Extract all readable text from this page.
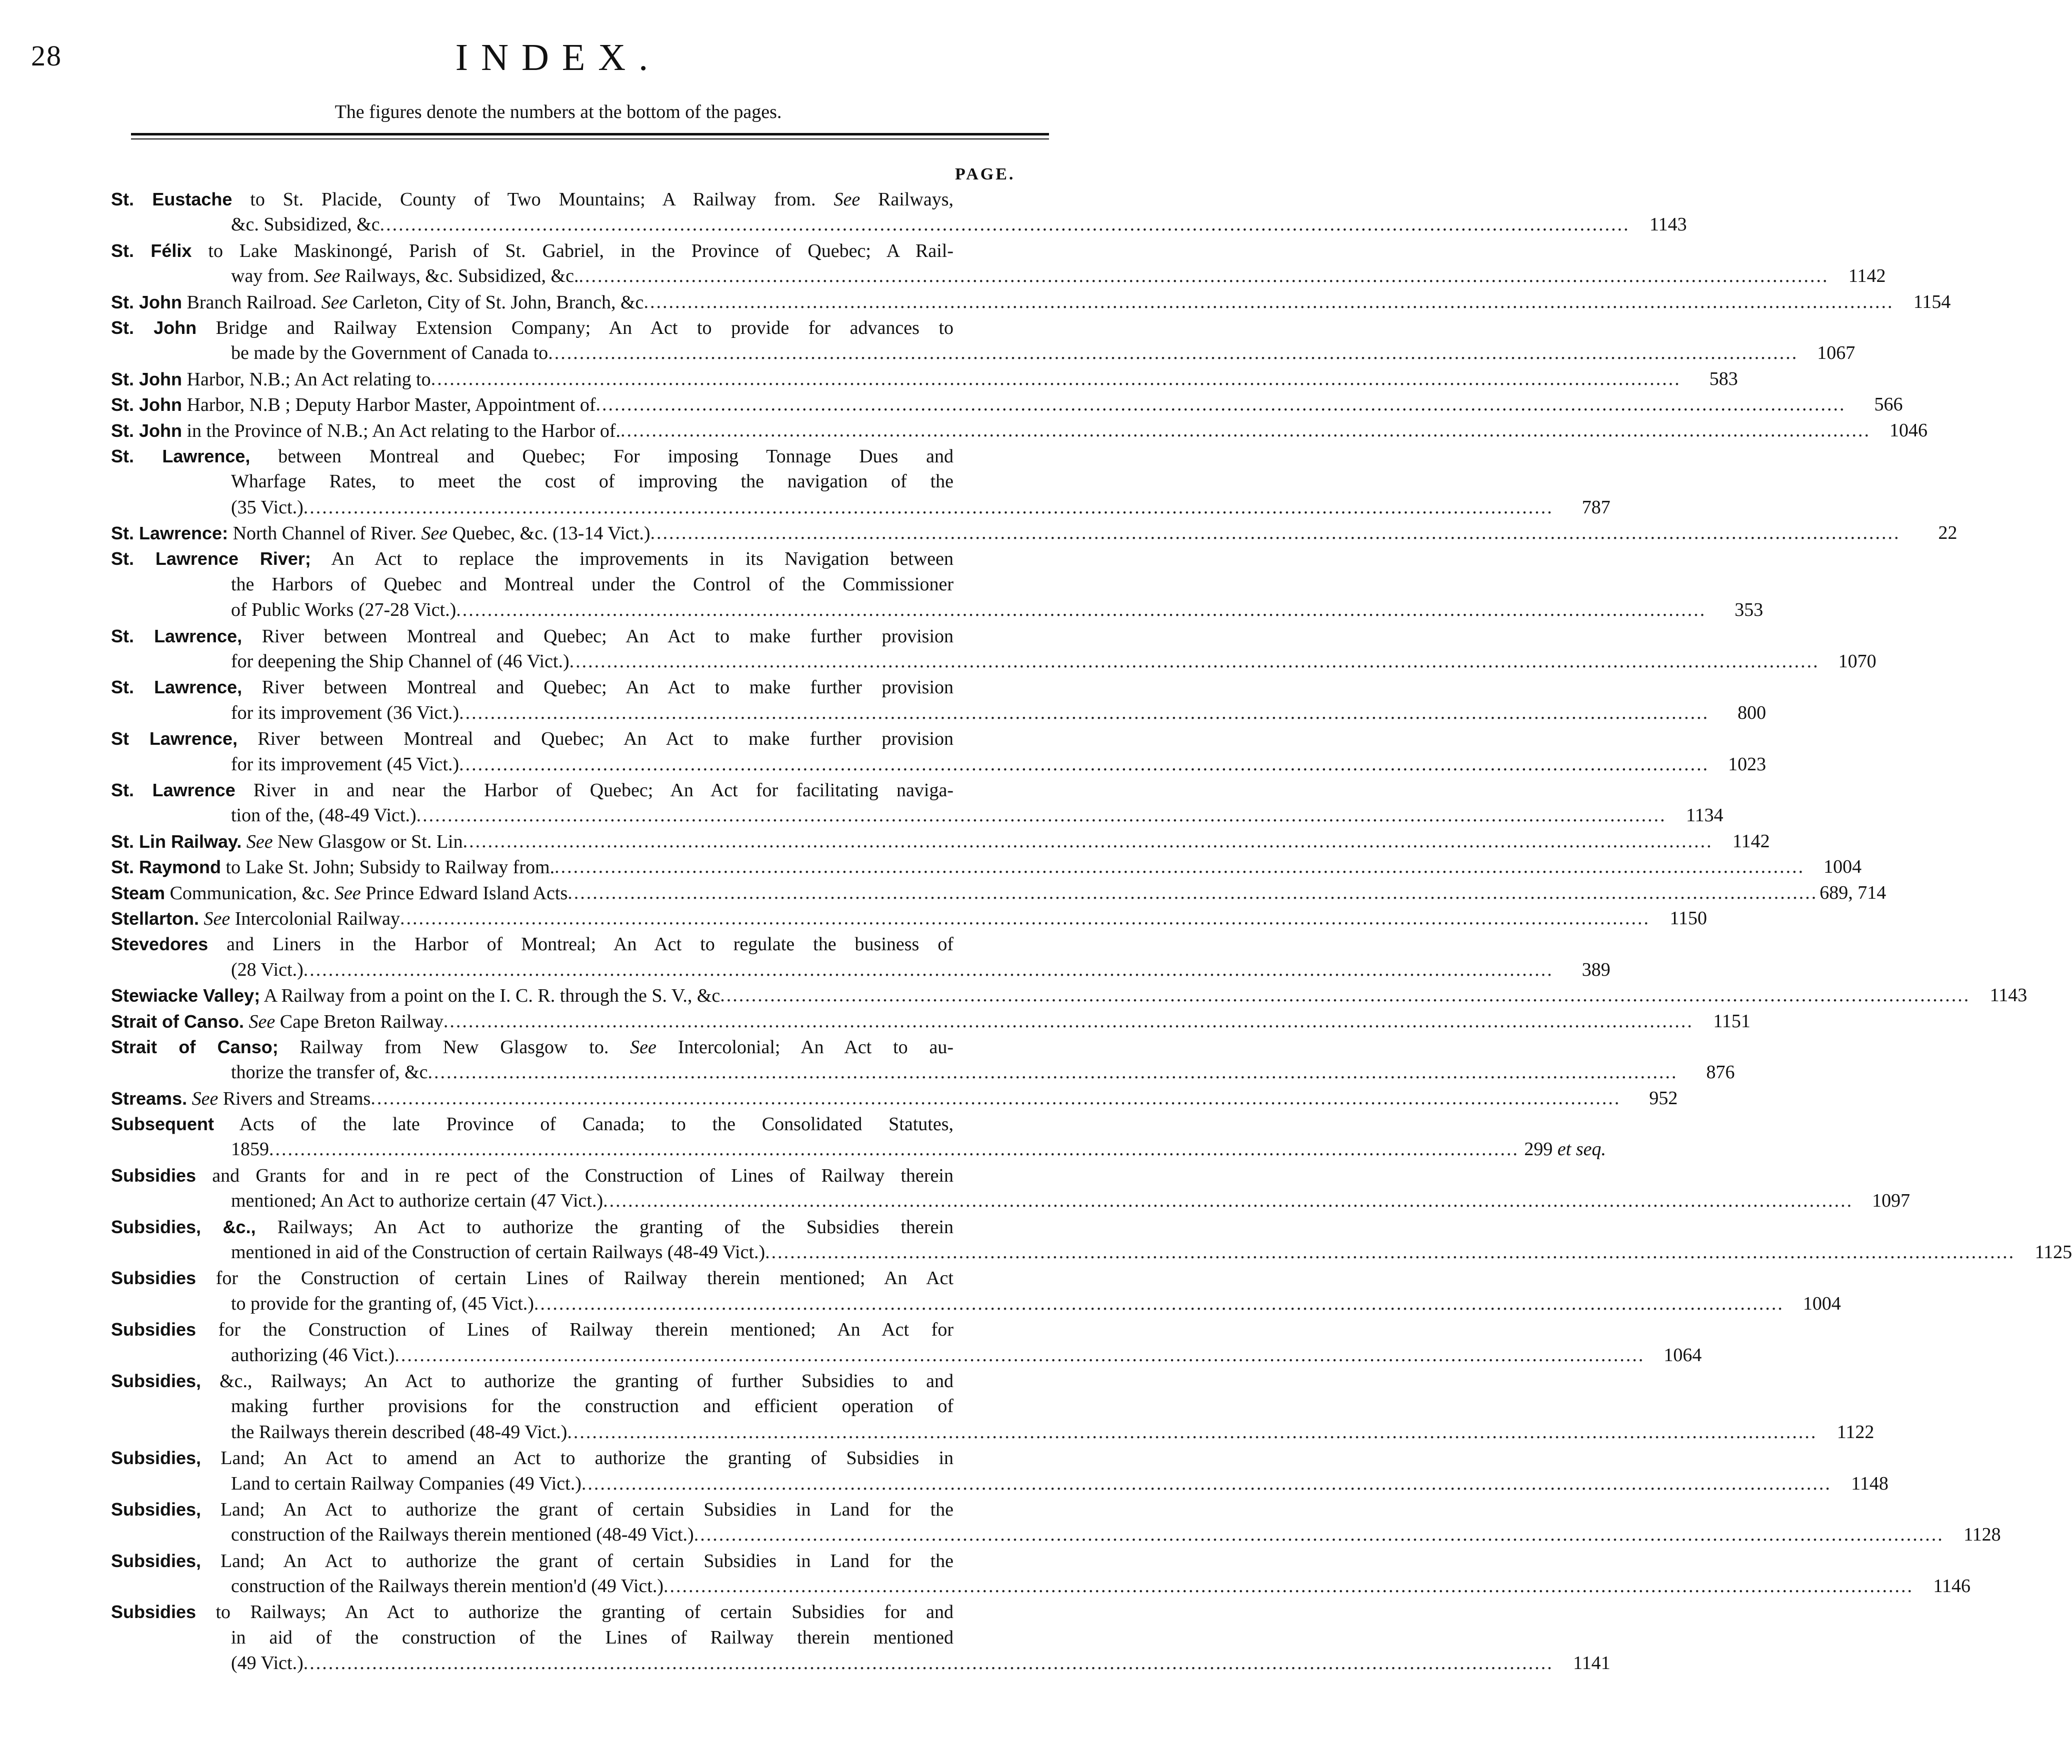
28	INDEX.
The figures denote the numbers at the bottom of the pages.
PAGE.
St. Eustache to St. Placide, County of Two Mountains; A Railway from. See Railways,
&c. Subsidized, &c .....	1143
St. Félix to Lake Maskinongé, Parish of St. Gabriel, in the Province of Quebec; A Rail-
way from. See Railways, &c. Subsidized, &c. .....	1142
St. John Branch Railroad. See Carleton, City of St. John, Branch, &c .....	1154
St. John Bridge and Railway Extension Company; An Act to provide for advances to
be made by the Government of Canada to .....	1067
St. John Harbor, N.B.; An Act relating to .....	583
St. John Harbor, N.B ; Deputy Harbor Master, Appointment of .....	566
St. John in the Province of N.B.; An Act relating to the Harbor of. .....	1046
St. Lawrence, between Montreal and Quebec; For imposing Tonnage Dues and
Wharfage Rates, to meet the cost of improving the navigation of the
(35 Vict.) .....	787
St. Lawrence: North Channel of River. See Quebec, &c. (13-14 Vict.) .....	22
St. Lawrence River; An Act to replace the improvements in its Navigation between
the Harbors of Quebec and Montreal under the Control of the Commissioner
of Public Works (27-28 Vict.) .....	353
St. Lawrence, River between Montreal and Quebec; An Act to make further provision
for deepening the Ship Channel of (46 Vict.) .....	1070
St. Lawrence, River between Montreal and Quebec; An Act to make further provision
for its improvement (36 Vict.) .....	800
St Lawrence, River between Montreal and Quebec; An Act to make further provision
for its improvement (45 Vict.) .....	1023
St. Lawrence River in and near the Harbor of Quebec; An Act for facilitating naviga-
tion of the, (48-49 Vict.) .....	1134
St. Lin Railway. See New Glasgow or St. Lin .....	1142
St. Raymond to Lake St. John; Subsidy to Railway from. .....	1004
Steam Communication, &c. See Prince Edward Island Acts .....	689, 714
Stellarton. See Intercolonial Railway .....	1150
Stevedores and Liners in the Harbor of Montreal; An Act to regulate the business of
(28 Vict.) .....	389
Stewiacke Valley; A Railway from a point on the I. C. R. through the S. V., &c .....	1143
Strait of Canso. See Cape Breton Railway .....	1151
Strait of Canso; Railway from New Glasgow to. See Intercolonial; An Act to au-
thorize the transfer of, &c .....	876
Streams. See Rivers and Streams .....	952
Subsequent Acts of the late Province of Canada; to the Consolidated Statutes,
1859 .....	299 et seq.
Subsidies and Grants for and in re pect of the Construction of Lines of Railway therein
mentioned; An Act to authorize certain (47 Vict.) .....	1097
Subsidies, &c., Railways; An Act to authorize the granting of the Subsidies therein
mentioned in aid of the Construction of certain Railways (48-49 Vict.) .....	1125
Subsidies for the Construction of certain Lines of Railway therein mentioned; An Act
to provide for the granting of, (45 Vict.) .....	1004
Subsidies for the Construction of Lines of Railway therein mentioned; An Act for
authorizing (46 Vict.) .....	1064
Subsidies, &c., Railways; An Act to authorize the granting of further Subsidies to and
making further provisions for the construction and efficient operation of
the Railways therein described (48-49 Vict.) .....	1122
Subsidies, Land; An Act to amend an Act to authorize the granting of Subsidies in
Land to certain Railway Companies (49 Vict.) .....	1148
Subsidies, Land; An Act to authorize the grant of certain Subsidies in Land for the
construction of the Railways therein mentioned (48-49 Vict.) .....	1128
Subsidies, Land; An Act to authorize the grant of certain Subsidies in Land for the
construction of the Railways therein mention'd (49 Vict.) .....	1146
Subsidies to Railways; An Act to authorize the granting of certain Subsidies for and
in aid of the construction of the Lines of Railway therein mentioned
(49 Vict.) .....	1141
